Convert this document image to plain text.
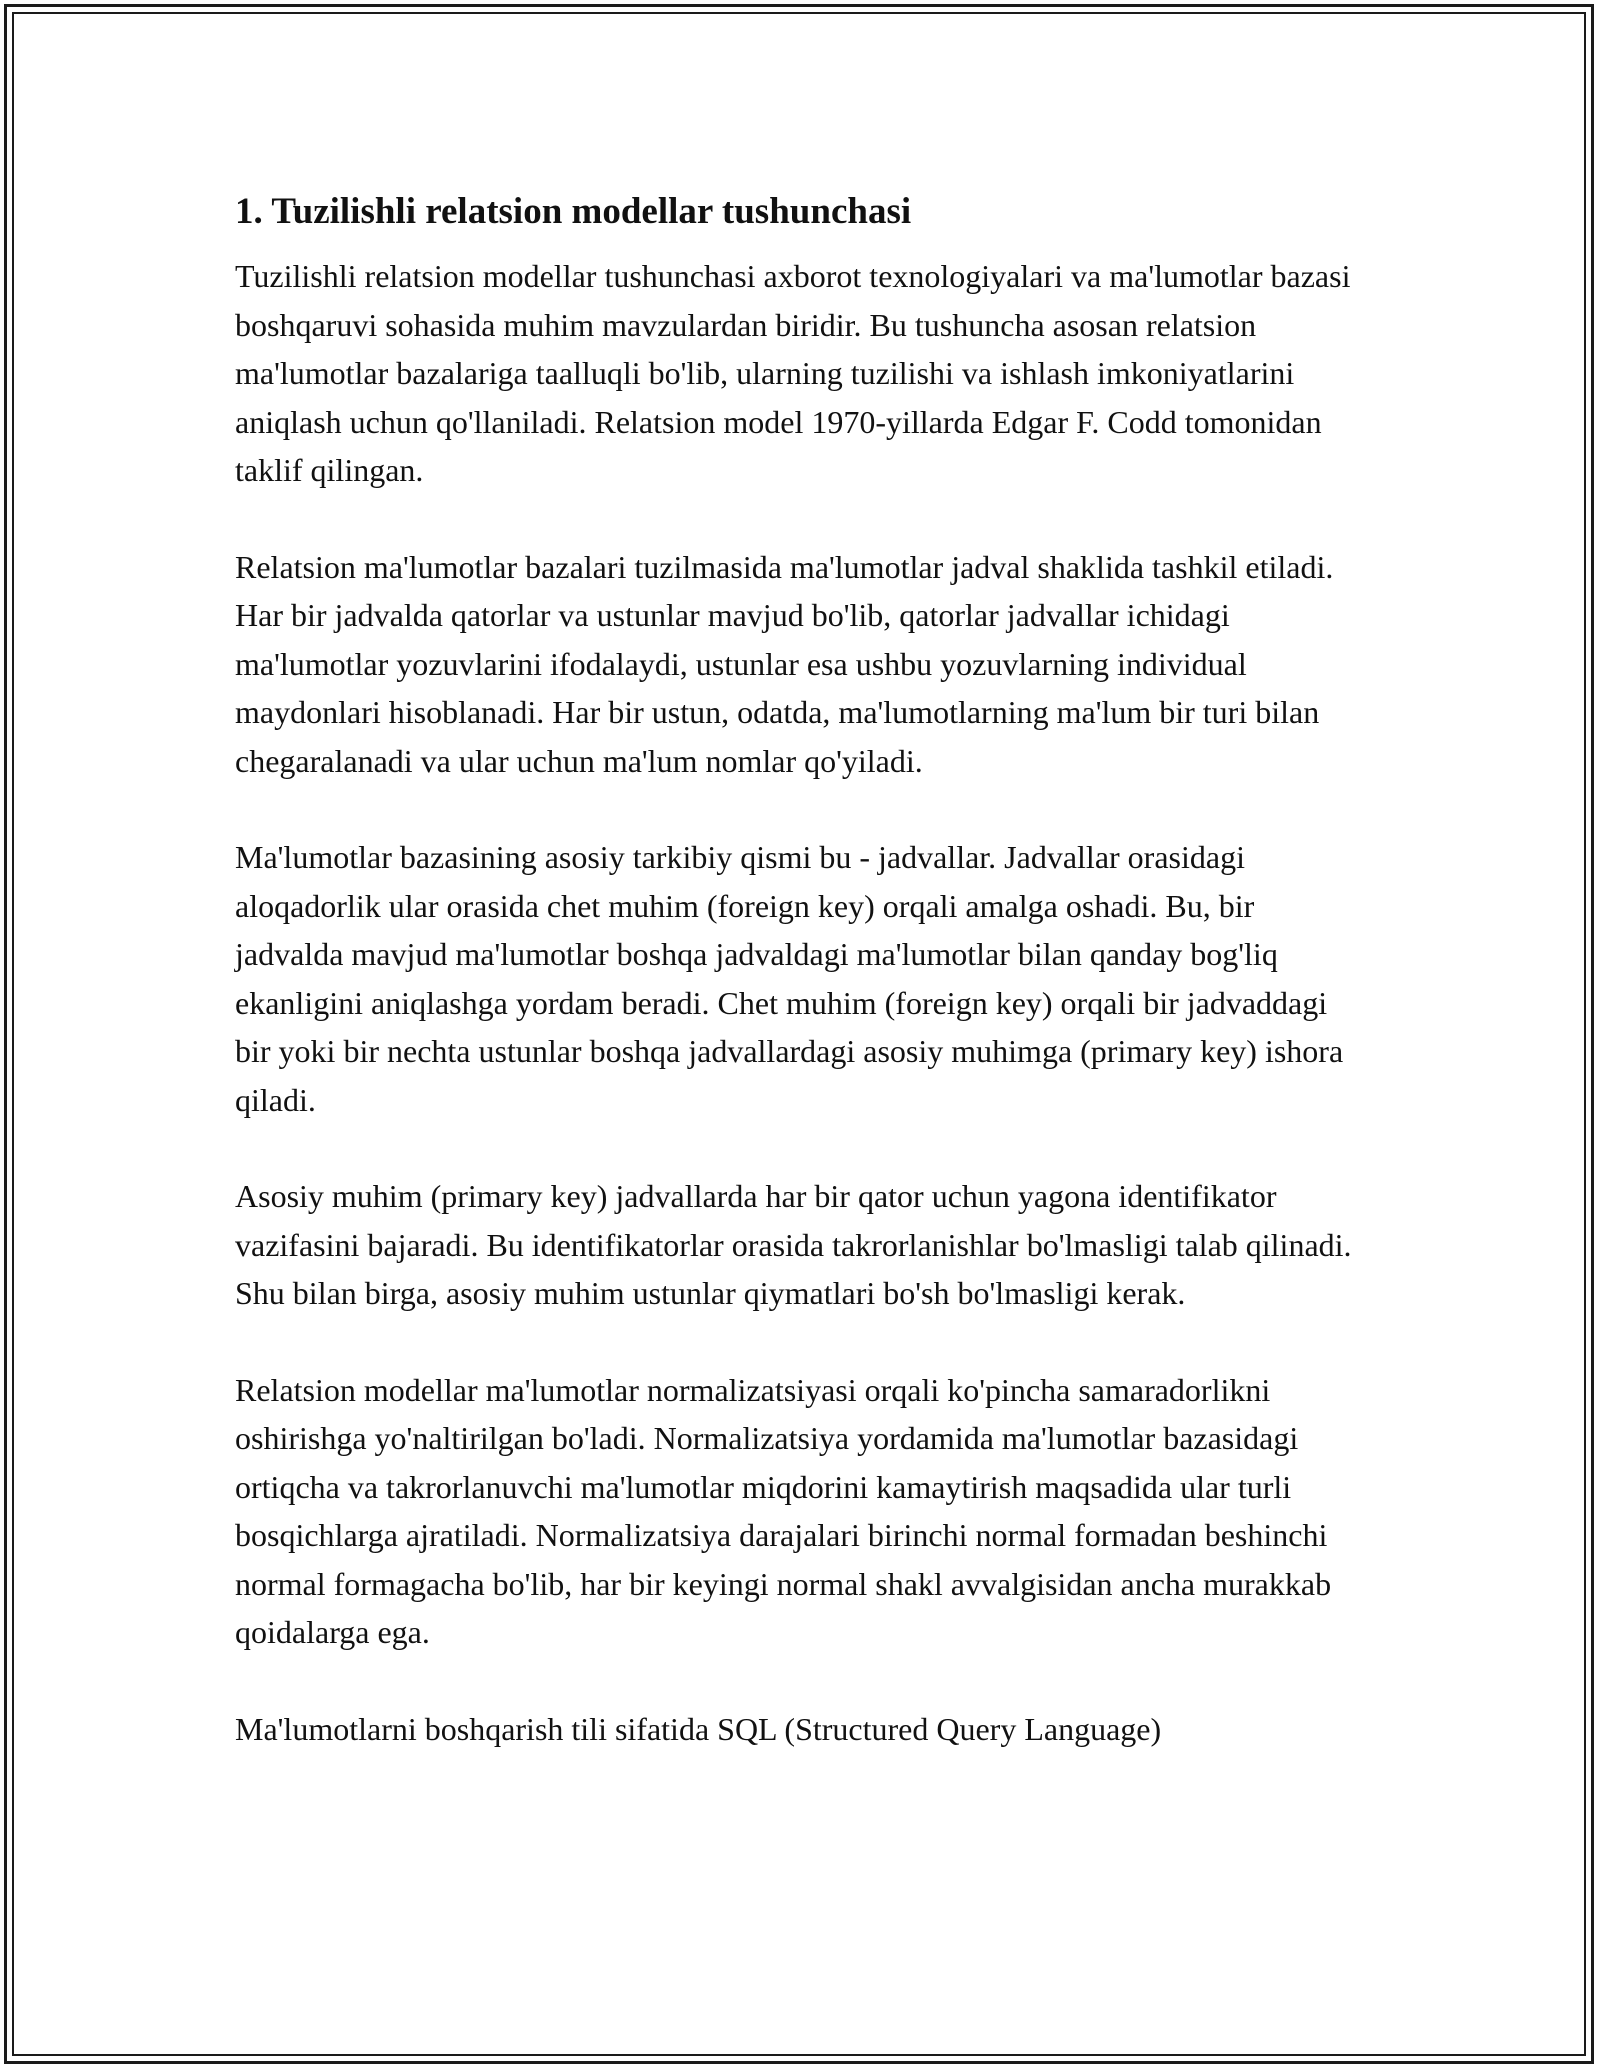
1. Tuzilishli relatsion modellar tushunchasi

Tuzilishli relatsion modellar tushunchasi axborot texnologiyalari va ma'lumotlar bazasi boshqaruvi sohasida muhim mavzulardan biridir. Bu tushuncha asosan relatsion ma'lumotlar bazalariga taalluqli bo'lib, ularning tuzilishi va ishlash imkoniyatlarini aniqlash uchun qo'llaniladi. Relatsion model 1970-yillarda Edgar F. Codd tomonidan taklif qilingan.

Relatsion ma'lumotlar bazalari tuzilmasida ma'lumotlar jadval shaklida tashkil etiladi. Har bir jadvalda qatorlar va ustunlar mavjud bo'lib, qatorlar jadvallar ichidagi ma'lumotlar yozuvlarini ifodalaydi, ustunlar esa ushbu yozuvlarning individual maydonlari hisoblanadi. Har bir ustun, odatda, ma'lumotlarning ma'lum bir turi bilan chegaralanadi va ular uchun ma'lum nomlar qo'yiladi.

Ma'lumotlar bazasining asosiy tarkibiy qismi bu - jadvallar. Jadvallar orasidagi aloqadorlik ular orasida chet muhim (foreign key) orqali amalga oshadi. Bu, bir jadvalda mavjud ma'lumotlar boshqa jadvaldagi ma'lumotlar bilan qanday bog'liq ekanligini aniqlashga yordam beradi. Chet muhim (foreign key) orqali bir jadvaddagi bir yoki bir nechta ustunlar boshqa jadvallardagi asosiy muhimga (primary key) ishora qiladi.

Asosiy muhim (primary key) jadvallarda har bir qator uchun yagona identifikator vazifasini bajaradi. Bu identifikatorlar orasida takrorlanishlar bo'lmasligi talab qilinadi. Shu bilan birga, asosiy muhim ustunlar qiymatlari bo'sh bo'lmasligi kerak.

Relatsion modellar ma'lumotlar normalizatsiyasi orqali ko'pincha samaradorlikni oshirishga yo'naltirilgan bo'ladi. Normalizatsiya yordamida ma'lumotlar bazasidagi ortiqcha va takrorlanuvchi ma'lumotlar miqdorini kamaytirish maqsadida ular turli bosqichlarga ajratiladi. Normalizatsiya darajalari birinchi normal formadan beshinchi normal formagacha bo'lib, har bir keyingi normal shakl avvalgisidan ancha murakkab qoidalarga ega.

Ma'lumotlarni boshqarish tili sifatida SQL (Structured Query Language)
